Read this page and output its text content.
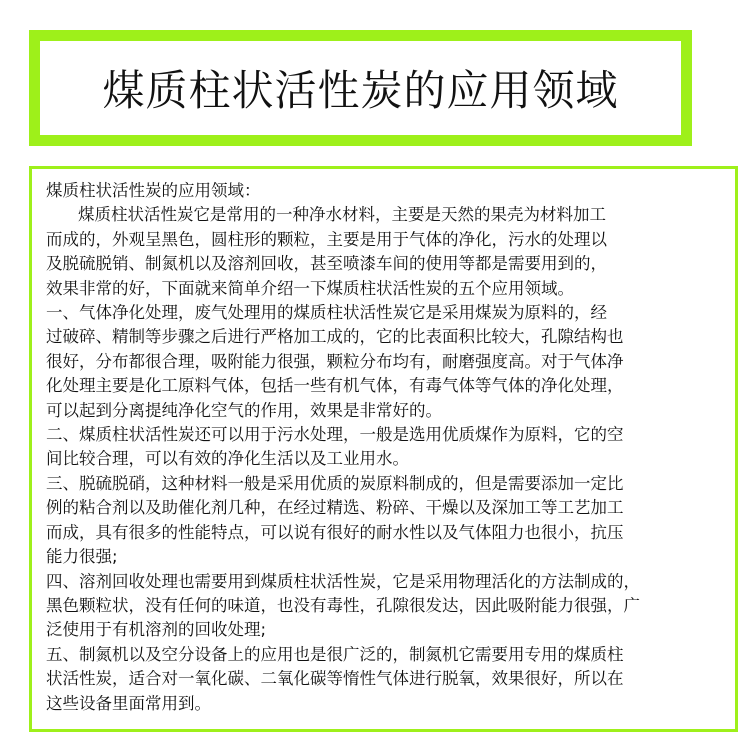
煤质柱状活性炭的应用领域

煤质柱状活性炭的应用领域：

煤质柱状活性炭它是常用的一种净水材料，主要是天然的果壳为材料加工

而成的，外观呈黑色，圆柱形的颗粒，主要是用于气体的净化，污水的处理以

及脱硫脱销、制氮机以及溶剂回收，甚至喷漆车间的使用等都是需要用到的，

效果非常的好，下面就来简单介绍一下煤质柱状活性炭的五个应用领域。

一、气体净化处理，废气处理用的煤质柱状活性炭它是采用煤炭为原料的，经

过破碎、精制等步骤之后进行严格加工成的，它的比表面积比较大，孔隙结构也

很好，分布都很合理，吸附能力很强，颗粒分布均有，耐磨强度高。对于气体净

化处理主要是化工原料气体，包括一些有机气体，有毒气体等气体的净化处理，

可以起到分离提纯净化空气的作用，效果是非常好的。

二、煤质柱状活性炭还可以用于污水处理，一般是选用优质煤作为原料，它的空

间比较合理，可以有效的净化生活以及工业用水。

三、脱硫脱硝，这种材料一般是采用优质的炭原料制成的，但是需要添加一定比

例的粘合剂以及助催化剂几种，在经过精选、粉碎、干燥以及深加工等工艺加工

而成，具有很多的性能特点，可以说有很好的耐水性以及气体阻力也很小，抗压

能力很强;

四、溶剂回收处理也需要用到煤质柱状活性炭，它是采用物理活化的方法制成的，

黑色颗粒状，没有任何的味道，也没有毒性，孔隙很发达，因此吸附能力很强，广

泛使用于有机溶剂的回收处理;

五、制氮机以及空分设备上的应用也是很广泛的，制氮机它需要用专用的煤质柱

状活性炭，适合对一氧化碳、二氧化碳等惰性气体进行脱氧，效果很好，所以在

这些设备里面常用到。
